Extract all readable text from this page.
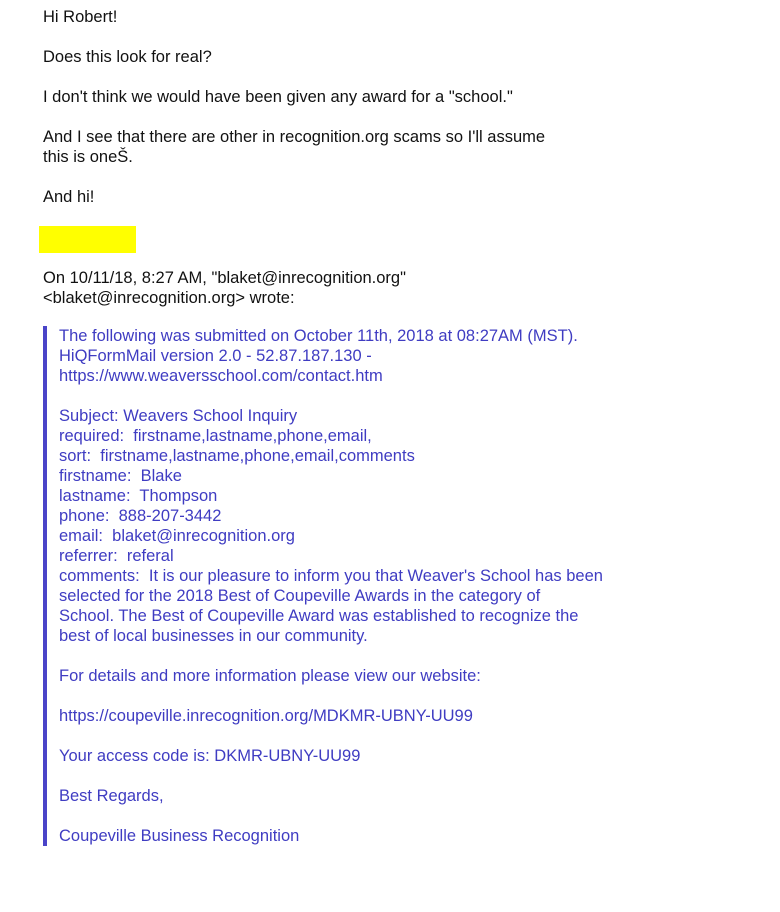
Hi Robert!
Does this look for real?
I don't think we would have been given any award for a "school."
And I see that there are other in recognition.org scams so I'll assume
this is oneŠ.
And hi!
On 10/11/18, 8:27 AM, "blaket@inrecognition.org"
<blaket@inrecognition.org> wrote:
The following was submitted on October 11th, 2018 at 08:27AM (MST).
HiQFormMail version 2.0 - 52.87.187.130 -
https://www.weaversschool.com/contact.htm
Subject: Weavers School Inquiry
required:  firstname,lastname,phone,email,
sort:  firstname,lastname,phone,email,comments
firstname:  Blake
lastname:  Thompson
phone:  888-207-3442
email:  blaket@inrecognition.org
referrer:  referal
comments:  It is our pleasure to inform you that Weaver's School has been
selected for the 2018 Best of Coupeville Awards in the category of
School. The Best of Coupeville Award was established to recognize the
best of local businesses in our community.
For details and more information please view our website:
https://coupeville.inrecognition.org/MDKMR-UBNY-UU99
Your access code is: DKMR-UBNY-UU99
Best Regards,
Coupeville Business Recognition
